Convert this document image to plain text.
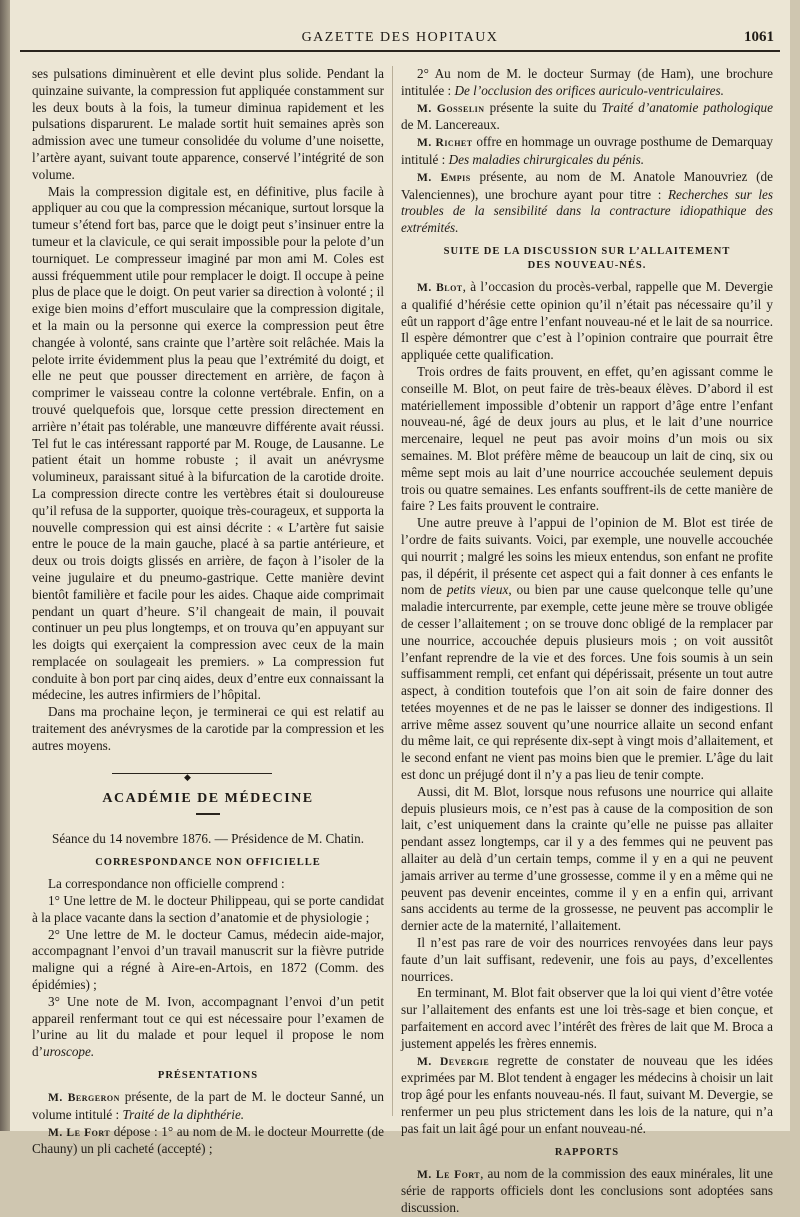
GAZETTE DES HOPITAUX	1061

ses pulsations diminuèrent et elle devint plus solide. Pendant la quinzaine suivante, la compression fut appliquée constamment sur les deux bouts à la fois, la tumeur diminua rapidement et les pulsations disparurent. Le malade sortit huit semaines après son admission avec une tumeur consolidée du volume d’une noisette, l’artère ayant, suivant toute apparence, conservé l’intégrité de son volume.

Mais la compression digitale est, en définitive, plus facile à appliquer au cou que la compression mécanique, surtout lorsque la tumeur s’étend fort bas, parce que le doigt peut s’insinuer entre la tumeur et la clavicule, ce qui serait impossible pour la pelote d’un tourniquet. Le compresseur imaginé par mon ami M. Coles est aussi fréquemment utile pour remplacer le doigt. Il occupe à peine plus de place que le doigt. On peut varier sa direction à volonté ; il exige bien moins d’effort musculaire que la compression digitale, et la main ou la personne qui exerce la compression peut être changée à volonté, sans crainte que l’artère soit relâchée. Mais la pelote irrite évidemment plus la peau que l’extrémité du doigt, et elle ne peut que pousser directement en arrière, de façon à comprimer le vaisseau contre la colonne vertébrale. Enfin, on a trouvé quelquefois que, lorsque cette pression directement en arrière n’était pas tolérable, une manœuvre différente avait réussi. Tel fut le cas intéressant rapporté par M. Rouge, de Lausanne. Le patient était un homme robuste ; il avait un anévrysme volumineux, paraissant situé à la bifurcation de la carotide droite. La compression directe contre les vertèbres était si douloureuse qu’il refusa de la supporter, quoique très-courageux, et supporta la nouvelle compression qui est ainsi décrite : « L’artère fut saisie entre le pouce de la main gauche, placé à sa partie antérieure, et deux ou trois doigts glissés en arrière, de façon à l’isoler de la veine jugulaire et du pneumo-gastrique. Cette manière devint bientôt familière et facile pour les aides. Chaque aide comprimait pendant un quart d’heure. S’il changeait de main, il pouvait continuer un peu plus longtemps, et on trouva qu’en appuyant sur les doigts qui exerçaient la compression avec ceux de la main remplacée on soulageait les premiers. » La compression fut conduite à bon port par cinq aides, deux d’entre eux connaissant la médecine, les autres infirmiers de l’hôpital.

Dans ma prochaine leçon, je terminerai ce qui est relatif au traitement des anévrysmes de la carotide par la compression et les autres moyens.

◆
ACADÉMIE DE MÉDECINE

Séance du 14 novembre 1876. — Présidence de M. Chatin.

CORRESPONDANCE NON OFFICIELLE

La correspondance non officielle comprend :

1° Une lettre de M. le docteur Philippeau, qui se porte candidat à la place vacante dans la section d’anatomie et de physiologie ;

2° Une lettre de M. le docteur Camus, médecin aide-major, accompagnant l’envoi d’un travail manuscrit sur la fièvre putride maligne qui a régné à Aire-en-Artois, en 1872 (Comm. des épidémies) ;

3° Une note de M. Ivon, accompagnant l’envoi d’un petit appareil renfermant tout ce qui est nécessaire pour l’examen de l’urine au lit du malade et pour lequel il propose le nom d’uroscope.

PRÉSENTATIONS

M. Bergeron présente, de la part de M. le docteur Sanné, un volume intitulé : Traité de la diphthérie.

M. Le Fort dépose : 1° au nom de M. le docteur Mourrette (de Chauny) un pli cacheté (accepté) ;

2° Au nom de M. le docteur Surmay (de Ham), une brochure intitulée : De l’occlusion des orifices auriculo-ventriculaires.

M. Gosselin présente la suite du Traité d’anatomie pathologique de M. Lancereaux.

M. Richet offre en hommage un ouvrage posthume de Demarquay intitulé : Des maladies chirurgicales du pénis.

M. Empis présente, au nom de M. Anatole Manouvriez (de Valenciennes), une brochure ayant pour titre : Recherches sur les troubles de la sensibilité dans la contracture idiopathique des extrémités.

SUITE DE LA DISCUSSION SUR L’ALLAITEMENT
DES NOUVEAU-NÉS.

M. Blot, à l’occasion du procès-verbal, rappelle que M. Devergie a qualifié d’hérésie cette opinion qu’il n’était pas nécessaire qu’il y eût un rapport d’âge entre l’enfant nouveau-né et le lait de sa nourrice. Il espère démontrer que c’est à l’opinion contraire que pourrait être appliquée cette qualification.

Trois ordres de faits prouvent, en effet, qu’en agissant comme le conseille M. Blot, on peut faire de très-beaux élèves. D’abord il est matériellement impossible d’obtenir un rapport d’âge entre l’enfant nouveau-né, âgé de deux jours au plus, et le lait d’une nourrice mercenaire, lequel ne peut pas avoir moins d’un mois ou six semaines. M. Blot préfère même de beaucoup un lait de cinq, six ou même sept mois au lait d’une nourrice accouchée seulement depuis trois ou quatre semaines. Les enfants souffrent-ils de cette manière de faire ? Les faits prouvent le contraire.

Une autre preuve à l’appui de l’opinion de M. Blot est tirée de l’ordre de faits suivants. Voici, par exemple, une nouvelle accouchée qui nourrit ; malgré les soins les mieux entendus, son enfant ne profite pas, il dépérit, il présente cet aspect qui a fait donner à ces enfants le nom de petits vieux, ou bien par une cause quelconque telle qu’une maladie intercurrente, par exemple, cette jeune mère se trouve obligée de cesser l’allaitement ; on se trouve donc obligé de la remplacer par une nourrice, accouchée depuis plusieurs mois ; on voit aussitôt l’enfant reprendre de la vie et des forces. Une fois soumis à un sein suffisamment rempli, cet enfant qui dépérissait, présente un tout autre aspect, à condition toutefois que l’on ait soin de faire donner des tetées moyennes et de ne pas le laisser se donner des indigestions. Il arrive même assez souvent qu’une nourrice allaite un second enfant du même lait, ce qui représente dix-sept à vingt mois d’allaitement, et le second enfant ne vient pas moins bien que le premier. L’âge du lait est donc un préjugé dont il n’y a pas lieu de tenir compte.

Aussi, dit M. Blot, lorsque nous refusons une nourrice qui allaite depuis plusieurs mois, ce n’est pas à cause de la composition de son lait, c’est uniquement dans la crainte qu’elle ne puisse pas allaiter pendant assez longtemps, car il y a des femmes qui ne peuvent pas allaiter au delà d’un certain temps, comme il y en a qui ne peuvent jamais arriver au terme d’une grossesse, comme il y en a même qui ne peuvent pas devenir enceintes, comme il y en a enfin qui, arrivant sans accidents au terme de la grossesse, ne peuvent pas accomplir le dernier acte de la maternité, l’allaitement.

Il n’est pas rare de voir des nourrices renvoyées dans leur pays faute d’un lait suffisant, redevenir, une fois au pays, d’excellentes nourrices.

En terminant, M. Blot fait observer que la loi qui vient d’être votée sur l’allaitement des enfants est une loi très-sage et bien conçue, et parfaitement en accord avec l’intérêt des frères de lait que M. Broca a justement appelés les frères ennemis.

M. Devergie regrette de constater de nouveau que les idées exprimées par M. Blot tendent à engager les médecins à choisir un lait trop âgé pour les enfants nouveau-nés. Il faut, suivant M. Devergie, se renfermer un peu plus strictement dans les lois de la nature, qui n’a pas fait un lait âgé pour un enfant nouveau-né.

RAPPORTS

M. Le Fort, au nom de la commission des eaux minérales, lit une série de rapports officiels dont les conclusions sont adoptées sans discussion.
